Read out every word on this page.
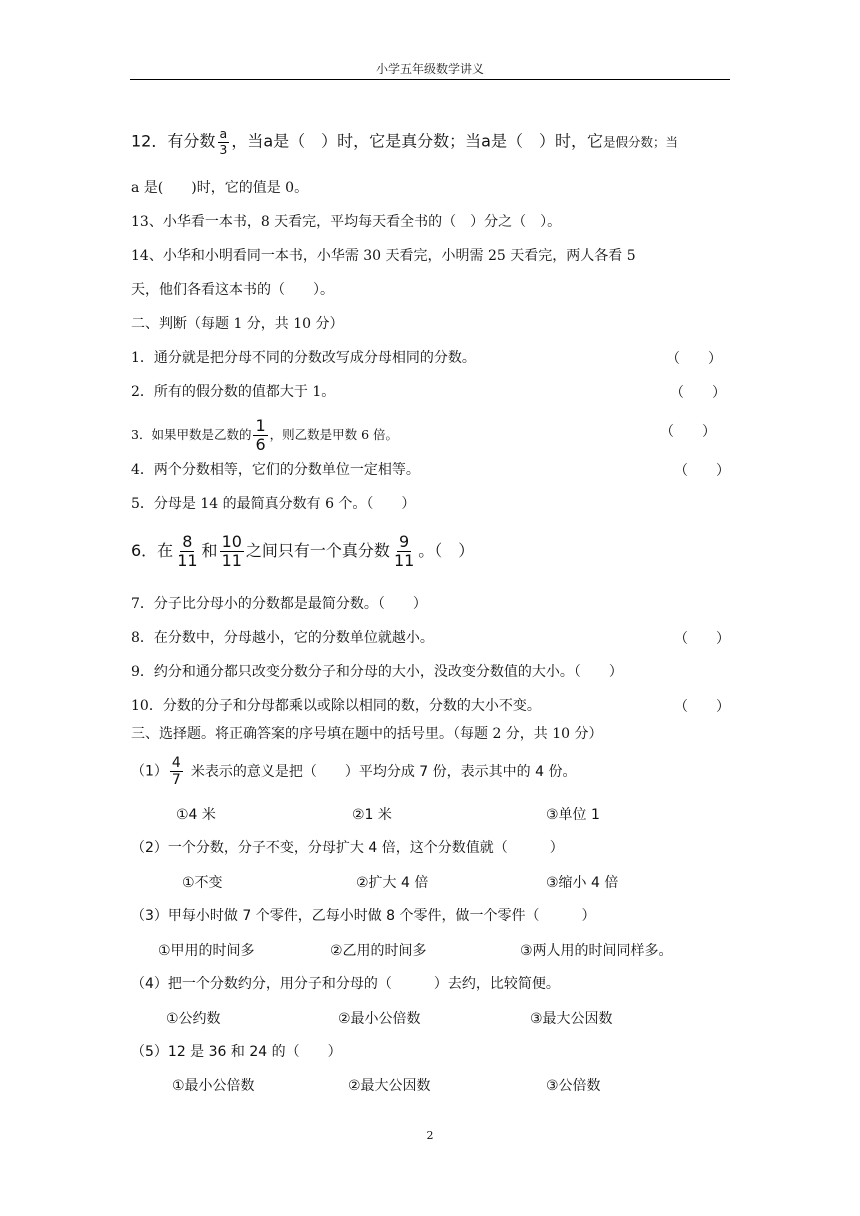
小学五年级数学讲义
12．有分数 $\frac{a}{3}$ ，当a是（　）时，它是真分数；当a是（　）时，它是假分数；当
a 是(　　)时，它的值是 0。
13、小华看一本书，8 天看完，平均每天看全书的（　）分之（　）。
14、小华和小明看同一本书，小华需 30 天看完，小明需 25 天看完，两人各看 5
天，他们各看这本书的（　　）。
二、判断（每题 1 分，共 10 分）
1．通分就是把分母不同的分数改写成分母相同的分数。	（　　）
2．所有的假分数的值都大于 1。	（　　）
3．如果甲数是乙数的 $\frac{1}{6}$ ，则乙数是甲数 6 倍。	（　　）
4．两个分数相等，它们的分数单位一定相等。	（　　）
5．分母是 14 的最简真分数有 6 个。（　　）
6．在 $\frac{8}{11}$ 和 $\frac{10}{11}$ 之间只有一个真分数 $\frac{9}{11}$ 。（　）
7．分子比分母小的分数都是最简分数。（　　）
8．在分数中，分母越小，它的分数单位就越小。	（　　）
9．约分和通分都只改变分数分子和分母的大小，没改变分数值的大小。（　　）
10．分数的分子和分母都乘以或除以相同的数，分数的大小不变。	（　　）
三、选择题。将正确答案的序号填在题中的括号里。（每题 2 分，共 10 分）
$(1) \frac{4}{7}$ 米表示的意义是把（　　）平均分成 7 份，表示其中的 4 份。
①4 米	②1 米	③单位 1
（2）一个分数，分子不变，分母扩大 4 倍，这个分数值就（　　　）
①不变	②扩大 4 倍	③缩小 4 倍
（3）甲每小时做 7 个零件，乙每小时做 8 个零件，做一个零件（　　　）
①甲用的时间多	②乙用的时间多	③两人用的时间同样多。
（4）把一个分数约分，用分子和分母的（　　　）去约，比较简便。
①公约数	②最小公倍数	③最大公因数
（5）12 是 36 和 24 的（　　）
①最小公倍数	②最大公因数	③公倍数
2
